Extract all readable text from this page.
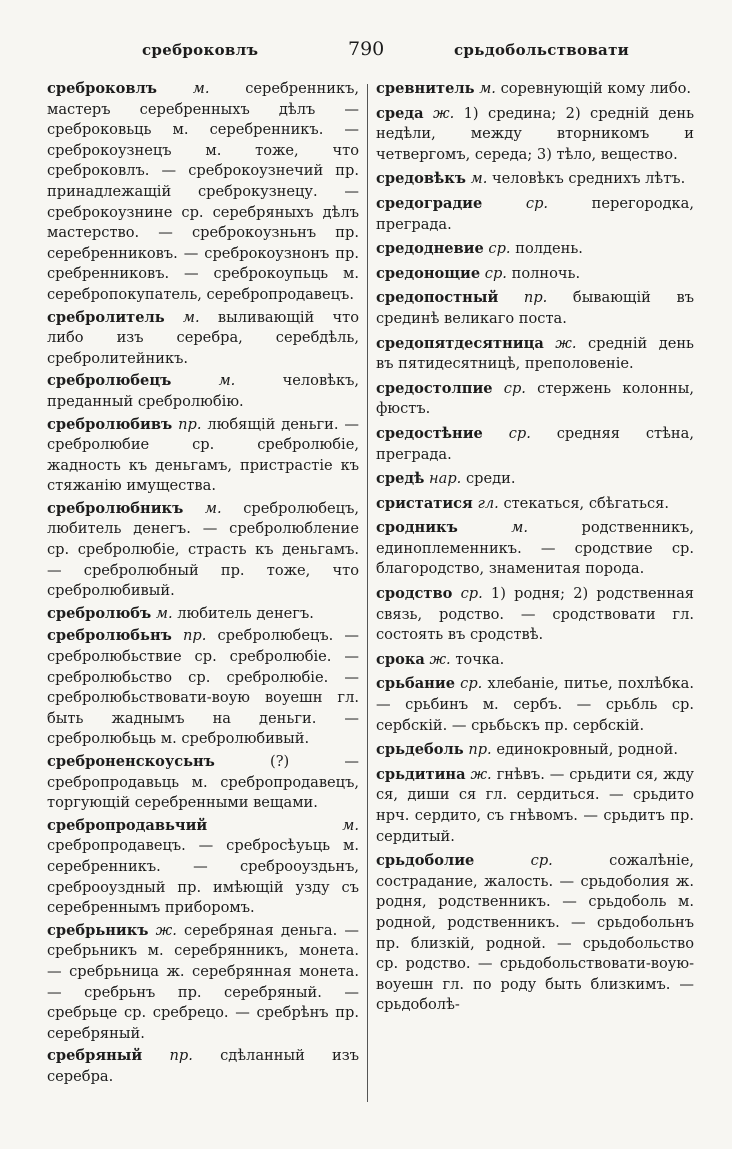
сребpоковлъ	790	срьдобольствовати

сребpоковлъ м. серебренникъ, мастеръ серебренныхъ дѣлъ — сребpоковьць м. серебренникъ. — сребpокоузнецъ м. тоже, что сребpоковлъ. — сребpокоузнечий пр. принадлежащій сребpокузнецу. — сребpокоузнине ср. серебряныхъ дѣлъ мастерство. — сребpокоузньнъ пр. серебренниковъ. — сребpокоузнонъ пр. сребренниковъ. — сребpокоупьць м. серебропокупатель, серебропродавецъ.

сребpолитель м. выливающій что либо изъ серебра, серебдѣль, сребролитейникъ.

сребpолюбецъ	м.	человѣкъ, преданный сребролюбію.

сребpолюбивъ пр. любящій деньги. — сребpолюбие ср. сребролюбіе, жадность къ деньгамъ, пристрастіе къ стяжанію имущества.

сребpолюбникъ м. сребролюбецъ, любитель денегъ. — сребpолюбление ср. сребролюбіе, страсть къ деньгамъ. — сребpолюбный пр. тоже, что сребpолюбивый.

сребpолюбъ м. любитель денегъ.

сребpолюбьнъ пр. сребролюбецъ. — сребpолюбьствие ср. сребролюбіе. — сребpолюбьство ср. сребролюбіе. — сребpолюбьствовати-воую воуешн гл. быть жаднымъ на деньги. — сребpолюбьць м. сребролюбивый.

сребpоненскоусьнъ	(?) — сребpопродавьць м. сребропродавецъ, торгующій серебренными вещами.

сребpопродавьчий	м. сребропродавецъ. — сребpосѣуьць м. серебренникъ. — сребpооуздьнъ, сребpооуздный пр. имѣющій узду съ серебреннымъ приборомъ.

сребpьникъ ж. серебряная деньга. — сребpьникъ м. серебрянникъ, монета. — сребpьница ж. серебрянная монета. — сребpьнъ пр. серебряный. — сребpьце ср. сребрецо. — сребpѣнъ пр. серебряный.

сребpяный пр. сдѣланный изъ серебра.

сревнитель м. соревнующій кому либо.

среда ж. 1) средина; 2) средній день недѣли, между вторникомъ и четвергомъ, середа; 3) тѣло, вещество.

средовѣкъ м. человѣкъ среднихъ лѣтъ.

средоградие	ср.	перегородка, преграда.

средодневие ср. полдень.

средонощие ср. полночь.

средопостный пр. бывающій въ срединѣ великаго поста.

средопятдесятница ж. средній день въ пятидесятницѣ, преполовеніе.

средостолпие ср. стержень колонны, фюстъ.

средостѣние ср. средняя стѣна, преграда.

средѣ нар. среди.

сристатися гл. стекаться, сбѣгаться.

сродникъ	м.	родственникъ, единоплеменникъ. — сродствие ср. благородство, знаменитая порода.

сродство ср. 1) родня; 2) родственная связь, родство. — сродствовати гл. состоять въ сродствѣ.

срока ж. точка.

срьбание ср. хлебаніе, питье, похлѣбка. — срьбинъ м. сербъ. — срьбль ср. сербскій. — срьбьскъ пр. сербскій.

срьдеболь пр. единокровный, родной.

срьдитина ж. гнѣвъ. — срьдити ся, жду ся, диши ся гл. сердиться. — срьдито нрч. сердито, съ гнѣвомъ. — срьдитъ пр. сердитый.

срьдоболие	ср.	сожалѣніе, сострадание, жалость. — срьдоболия ж. родня, родственникъ. — срьдоболь м. родной, родственникъ. — срьдобольнъ пр. близкій, родной. — срьдобольство ср. родство. — срьдобольствовати-воую-воуешн гл. по роду быть близкимъ. — срьдоболѣ-
